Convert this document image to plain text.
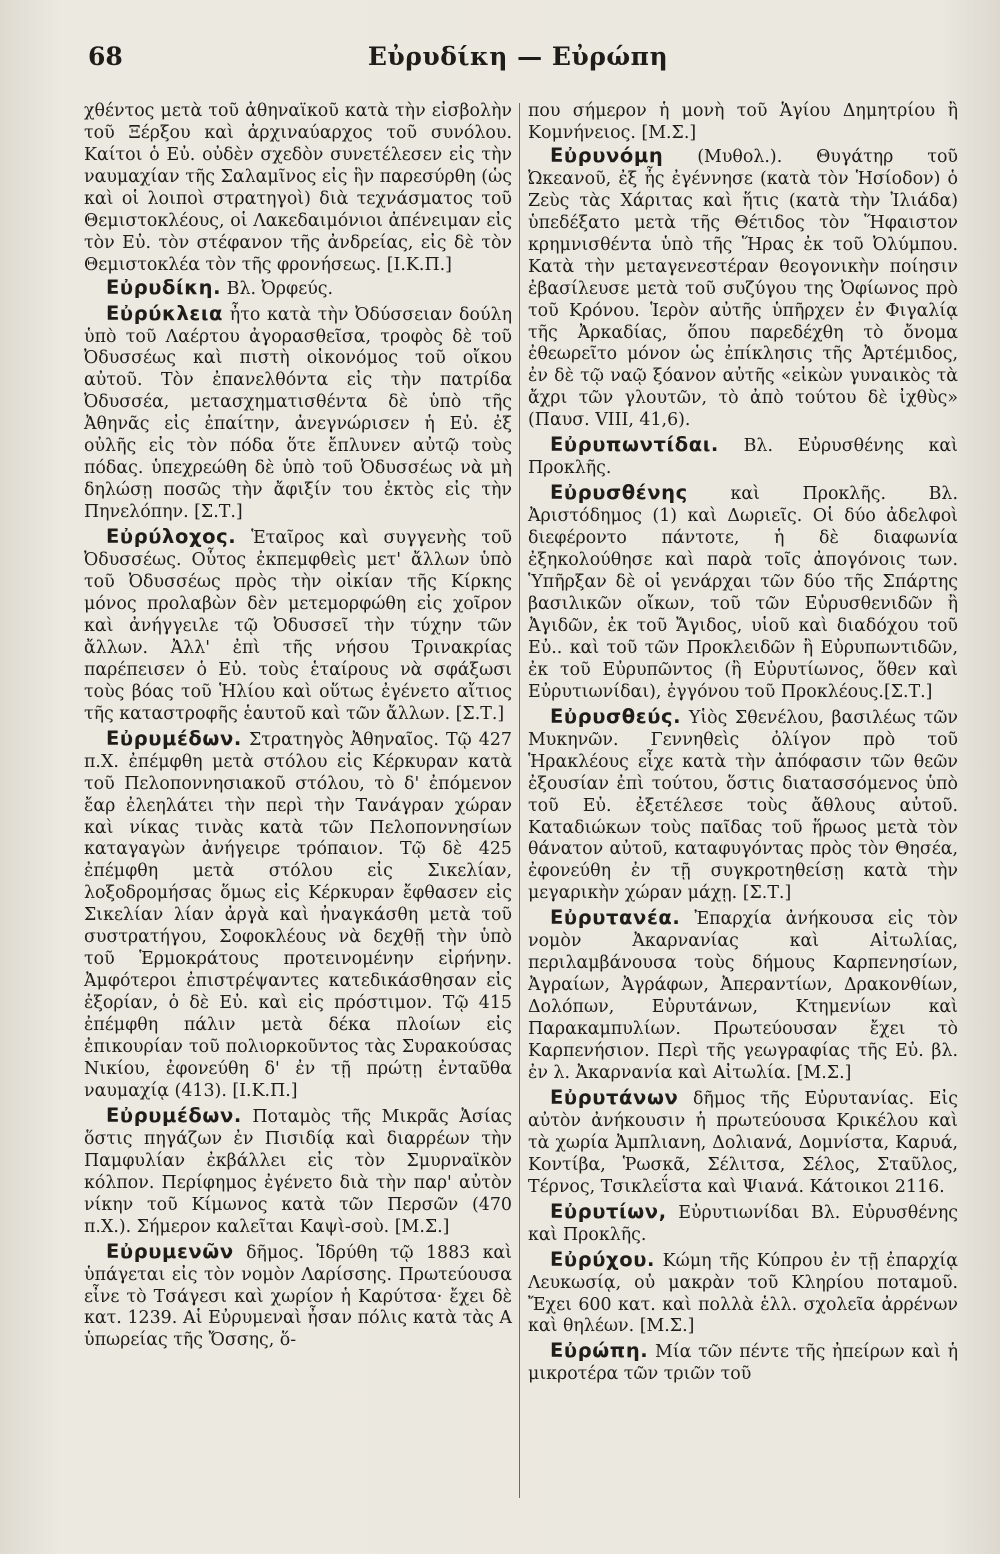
68	Εὐρυδίκη — Εὐρώπη

χθέντος μετὰ τοῦ ἀθηναϊκοῦ κατὰ τὴν εἰσβολὴν τοῦ Ξέρξου καὶ ἀρχιναύαρχος τοῦ συνόλου. Καίτοι ὁ Εὐ. οὐδὲν σχεδὸν συνετέλεσεν εἰς τὴν ναυμαχίαν τῆς Σαλαμῖνος εἰς ἣν παρεσύρθη (ὡς καὶ οἱ λοιποὶ στρατηγοὶ) διὰ τεχνάσματος τοῦ Θεμιστοκλέους, οἱ Λακεδαιμόνιοι ἀπένειμαν εἰς τὸν Εὐ. τὸν στέφανον τῆς ἀνδρείας, εἰς δὲ τὸν Θεμιστοκλέα τὸν τῆς φρονήσεως. [Ι.Κ.Π.]

Εὐρυδίκη. Βλ. Ὀρφεύς.

Εὐρύκλεια ἦτο κατὰ τὴν Ὀδύσσειαν δούλη ὑπὸ τοῦ Λαέρτου ἀγορασθεῖσα, τροφὸς δὲ τοῦ Ὀδυσσέως καὶ πιστὴ οἰκονόμος τοῦ οἴκου αὐτοῦ. Τὸν ἐπανελθόντα εἰς τὴν πατρίδα Ὀδυσσέα, μετασχηματισθέντα δὲ ὑπὸ τῆς Ἀθηνᾶς εἰς ἐπαίτην, ἀνεγνώρισεν ἡ Εὐ. ἐξ οὐλῆς εἰς τὸν πόδα ὅτε ἔπλυνεν αὐτῷ τοὺς πόδας. ὑπεχρεώθη δὲ ὑπὸ τοῦ Ὀδυσσέως νὰ μὴ δηλώσῃ ποσῶς τὴν ἄφιξίν του ἐκτὸς εἰς τὴν Πηνελόπην. [Σ.Τ.]

Εὐρύλοχος. Ἑταῖρος καὶ συγγενὴς τοῦ Ὀδυσσέως. Οὗτος ἐκπεμφθεὶς μετ' ἄλλων ὑπὸ τοῦ Ὀδυσσέως πρὸς τὴν οἰκίαν τῆς Κίρκης μόνος προλαβὼν δὲν μετεμορφώθη εἰς χοῖρον καὶ ἀνήγγειλε τῷ Ὀδυσσεῖ τὴν τύχην τῶν ἄλλων. Ἀλλ' ἐπὶ τῆς νήσου Τρινακρίας παρέπεισεν ὁ Εὐ. τοὺς ἑταίρους νὰ σφάξωσι τοὺς βόας τοῦ Ἡλίου καὶ οὕτως ἐγένετο αἴτιος τῆς καταστροφῆς ἑαυτοῦ καὶ τῶν ἄλλων. [Σ.Τ.]

Εὐρυμέδων. Στρατηγὸς Ἀθηναῖος. Τῷ 427 π.Χ. ἐπέμφθη μετὰ στόλου εἰς Κέρκυραν κατὰ τοῦ Πελοποννησιακοῦ στόλου, τὸ δ' ἐπόμενον ἔαρ ἐλεηλάτει τὴν περὶ τὴν Τανάγραν χώραν καὶ νίκας τινὰς κατὰ τῶν Πελοποννησίων καταγαγὼν ἀνήγειρε τρόπαιον. Τῷ δὲ 425 ἐπέμφθη μετὰ στόλου εἰς Σικελίαν, λοξοδρομήσας ὅμως εἰς Κέρκυραν ἔφθασεν εἰς Σικελίαν λίαν ἀργὰ καὶ ἠναγκάσθη μετὰ τοῦ συστρατήγου, Σοφοκλέους νὰ δεχθῇ τὴν ὑπὸ τοῦ Ἑρμοκράτους προτεινομένην εἰρήνην. Ἀμφότεροι ἐπιστρέψαντες κατεδικάσθησαν εἰς ἐξορίαν, ὁ δὲ Εὐ. καὶ εἰς πρόστιμον. Τῷ 415 ἐπέμφθη πάλιν μετὰ δέκα πλοίων εἰς ἐπικουρίαν τοῦ πολιορκοῦντος τὰς Συρακούσας Νικίου, ἐφονεύθη δ' ἐν τῇ πρώτῃ ἐνταῦθα ναυμαχίᾳ (413). [Ι.Κ.Π.]

Εὐρυμέδων. Ποταμὸς τῆς Μικρᾶς Ἀσίας ὅστις πηγάζων ἐν Πισιδίᾳ καὶ διαρρέων τὴν Παμφυλίαν ἐκβάλλει εἰς τὸν Σμυρναϊκὸν κόλπον. Περίφημος ἐγένετο διὰ τὴν παρ' αὐτὸν νίκην τοῦ Κίμωνος κατὰ τῶν Περσῶν (470 π.Χ.). Σήμερον καλεῖται Καψὶ-σοὺ. [Μ.Σ.]

Εὐρυμενῶν δῆμος. Ἱδρύθη τῷ 1883 καὶ ὑπάγεται εἰς τὸν νομὸν Λαρίσσης. Πρωτεύουσα εἶνε τὸ Τσάγεσι καὶ χωρίον ἡ Καρύτσα· ἔχει δὲ κατ. 1239. Αἱ Εὐρυμεναὶ ἦσαν πόλις κατὰ τὰς Α ὑπωρείας τῆς Ὄσσης, ὅ-

που σήμερον ἡ μονὴ τοῦ Ἁγίου Δημητρίου ἢ Κομνήνειος. [Μ.Σ.]

Εὐρυνόμη (Μυθολ.). Θυγάτηρ τοῦ Ὠκεανοῦ, ἐξ ἧς ἐγέννησε (κατὰ τὸν Ἡσίοδον) ὁ Ζεὺς τὰς Χάριτας καὶ ἥτις (κατὰ τὴν Ἰλιάδα) ὑπεδέξατο μετὰ τῆς Θέτιδος τὸν Ἥφαιστον κρημνισθέντα ὑπὸ τῆς Ἥρας ἐκ τοῦ Ὀλύμπου. Κατὰ τὴν μεταγενεστέραν θεογονικὴν ποίησιν ἐβασίλευσε μετὰ τοῦ συζύγου της Ὀφίωνος πρὸ τοῦ Κρόνου. Ἱερὸν αὐτῆς ὑπῆρχεν ἐν Φιγαλίᾳ τῆς Ἀρκαδίας, ὅπου παρεδέχθη τὸ ὄνομα ἐθεωρεῖτο μόνον ὡς ἐπίκλησις τῆς Ἀρτέμιδος, ἐν δὲ τῷ ναῷ ξόανον αὐτῆς «εἰκὼν γυναικὸς τὰ ἄχρι τῶν γλουτῶν, τὸ ἀπὸ τούτου δὲ ἰχθὺς» (Παυσ. VIII, 41,6).

Εὐρυπωντίδαι. Βλ. Εὐρυσθένης καὶ Προκλῆς.

Εὐρυσθένης καὶ Προκλῆς. Βλ. Ἀριστόδημος (1) καὶ Δωριεῖς. Οἱ δύο ἀδελφοὶ διεφέροντο πάντοτε, ἡ δὲ διαφωνία ἐξηκολούθησε καὶ παρὰ τοῖς ἀπογόνοις των. Ὑπῆρξαν δὲ οἱ γενάρχαι τῶν δύο τῆς Σπάρτης βασιλικῶν οἴκων, τοῦ τῶν Εὐρυσθενιδῶν ἢ Ἀγιδῶν, ἐκ τοῦ Ἄγιδος, υἱοῦ καὶ διαδόχου τοῦ Εὐ.. καὶ τοῦ τῶν Προκλειδῶν ἢ Εὐρυπωντιδῶν, ἐκ τοῦ Εὐρυπῶντος (ἢ Εὐρυτίωνος, ὅθεν καὶ Εὐρυτιωνίδαι), ἐγγόνου τοῦ Προκλέους.[Σ.Τ.]

Εὐρυσθεύς. Υἱὸς Σθενέλου, βασιλέως τῶν Μυκηνῶν. Γεννηθεὶς ὀλίγον πρὸ τοῦ Ἡρακλέους εἶχε κατὰ τὴν ἀπόφασιν τῶν θεῶν ἐξουσίαν ἐπὶ τούτου, ὅστις διατασσόμενος ὑπὸ τοῦ Εὐ. ἐξετέλεσε τοὺς ἄθλους αὐτοῦ. Καταδιώκων τοὺς παῖδας τοῦ ἥρωος μετὰ τὸν θάνατον αὐτοῦ, καταφυγόντας πρὸς τὸν Θησέα, ἐφονεύθη ἐν τῇ συγκροτηθείσῃ κατὰ τὴν μεγαρικὴν χώραν μάχῃ. [Σ.Τ.]

Εὐρυτανέα. Ἐπαρχία ἀνήκουσα εἰς τὸν νομὸν Ἀκαρνανίας καὶ Αἰτωλίας, περιλαμβάνουσα τοὺς δήμους Καρπενησίων, Ἀγραίων, Ἀγράφων, Ἀπεραντίων, Δρακονθίων, Δολόπων, Εὐρυτάνων, Κτημενίων καὶ Παρακαμπυλίων. Πρωτεύουσαν ἔχει τὸ Καρπενήσιον. Περὶ τῆς γεωγραφίας τῆς Εὐ. βλ. ἐν λ. Ἀκαρνανία καὶ Αἰτωλία. [Μ.Σ.]

Εὐρυτάνων δῆμος τῆς Εὐρυτανίας. Εἰς αὐτὸν ἀνήκουσιν ἡ πρωτεύουσα Κρικέλου καὶ τὰ χωρία Ἀμπλιανη, Δολιανά, Δομνίστα, Καρυά, Κοντίβα, Ῥωσκᾶ, Σέλιτσα, Σέλος, Σταῦλος, Τέρνος, Τσικλεΐστα καὶ Ψιανά. Κάτοικοι 2116.

Εὐρυτίων, Εὐρυτιωνίδαι Βλ. Εὐρυσθένης καὶ Προκλῆς.

Εὐρύχου. Κώμη τῆς Κύπρου ἐν τῇ ἐπαρχίᾳ Λευκωσίᾳ, οὐ μακρὰν τοῦ Κληρίου ποταμοῦ. Ἔχει 600 κατ. καὶ πολλὰ ἑλλ. σχολεῖα ἀρρένων καὶ θηλέων. [Μ.Σ.]

Εὐρώπη. Μία τῶν πέντε τῆς ἠπείρων καὶ ἡ μικροτέρα τῶν τριῶν τοῦ
